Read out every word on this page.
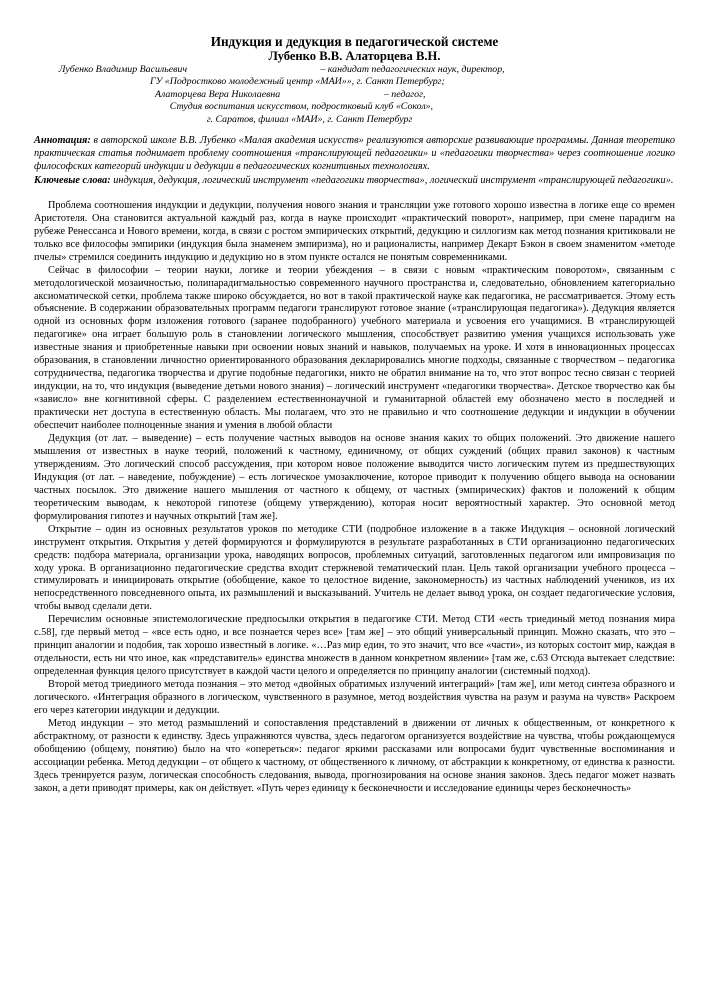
Индукция и дедукция в педагогической системе
Лубенко В.В. Алаторцева В.Н.
Лубенко Владимир Васильевич                                                      – кандидат педагогических наук, директор,
ГУ «Подростково молодежный центр «МАИ»», г. Санкт Петербург;
Алаторцева Вера Николаевна                                          – педагог,
Студия воспитания искусством, подростковый клуб «Сокол»,
г. Саратов, филиал «МАИ», г. Санкт Петербург
Аннотация: в авторской школе В.В. Лубенко «Малая академия искусств» реализуются авторские развивающие программы. Данная теоретико практическая статья поднимает проблему соотношения «транслирующей педагогики» и «педагогики творчества» через соотношение логико философских категорий индукции и дедукции в педагогических когнитивных технологиях.
Ключевые слова: индукция, дедукция, логический инструмент «педагогики творчества», логический инструмент «транслирующей педагогики».

Проблема соотношения индукции и дедукции, получения нового знания и трансляции уже готового хорошо известна в логике еще со времен Аристотеля. Она становится актуальной каждый раз, когда в науке происходит «практический поворот», например, при смене парадигм на рубеже Ренессанса и Нового времени, когда, в связи с ростом эмпирических открытий, дедукцию и силлогизм как метод познания критиковали не только все философы эмпирики (индукция была знаменем эмпиризма), но и рационалисты, например Декарт Бэкон в своем знаменитом «методе пчелы» стремился соединить индукцию и дедукцию но в этом пункте остался не понятым современниками.

Сейчас в философии – теории науки, логике и теории убеждения – в связи с новым «практическим поворотом», связанным с методологической мозаичностью, полипарадигмальностью современного научного пространства и, следовательно, обновлением категориально аксиоматической сетки, проблема также широко обсуждается, но вот в такой практической науке как педагогика, не рассматривается. Этому есть объяснение. В содержании образовательных программ педагоги транслируют готовое знание («транслирующая педагогика»). Дедукция является одной из основных форм изложения готового (заранее подобранного) учебного материала и усвоения его учащимися. В «транслирующей педагогике» она играет большую роль в становлении логического мышления, способствует развитию умения учащихся использовать уже известные знания и приобретенные навыки при освоении новых знаний и навыков, получаемых на уроке. И хотя в инновационных процессах образования, в становлении личностно ориентированного образования декларировались многие подходы, связанные с творчеством – педагогика сотрудничества, педагогика творчества и другие подобные педагогики, никто не обратил внимание на то, что этот вопрос тесно связан с теорией индукции, на то, что индукция (выведение детьми нового знания) – логический инструмент «педагогики творчества». Детское творчество как бы «завислo» вне когнитивной сферы. С разделением естественнонаучной и гуманитарной областей ему обозначено место в последней и практически нет доступа в естественную область. Мы полагаем, что это не правильно и что соотношение дедукции и индукции в обучении обеспечит наиболее полноценные знания и умения в любой области

Дедукция (от лат. – выведение) – есть получение частных выводов на основе знания каких то общих положений. Это движение нашего мышления от известных в науке теорий, положений к частному, единичному, от общих суждений (общих правил законов) к частным утверждениям. Это логический способ рассуждения, при котором новое положение выводится чисто логическим путем из предшествующих Индукция (от лат. – наведение, побуждение) – есть логическое умозаключение, которое приводит к получению общего вывода на основании частных посылок. Это движение нашего мышления от частного к общему, от частных (эмпирических) фактов и положений к общим теоретическим выводам, к некоторой гипотезе (общему утверждению), которая носит вероятностный характер. Это основной метод формулирования гипотез и научных открытий [там же].

Открытие – один из основных результатов уроков по методике СТИ (подробное изложение в а также Индукция – основной логический инструмент открытия. Открытия у детей формируются и формулируются в результате разработанных в СТИ организационно педагогических средств: подбора материала, организации урока, наводящих вопросов, проблемных ситуаций, заготовленных педагогом или импровизация по ходу урока. В организационно педагогические средства входит стержневой тематический план. Цель такой организации учебного процесса – стимулировать и инициировать открытие (обобщение, какое то целостное видение, закономерность) из частных наблюдений учеников, из их непосредственного повседневного опыта, их размышлений и высказываний. Учитель не делает вывод урока, он создает педагогические условия, чтобы вывод сделали дети.

Перечислим основные эпистемологические предпосылки открытия в педагогике СТИ. Метод СТИ «есть триединый метод познания мира с.58], где первый метод – «все есть одно, и все познается через все» [там же] – это общий универсальный принцип. Можно сказать, что это – принцип аналогии и подобия, так хорошо известный в логике. «…Раз мир един, то это значит, что все «части», из которых состоит мир, каждая в отдельности, есть ни что иное, как «представитель» единства множеств в данном конкретном явлении» [там же, с.63 Отсюда вытекает следствие: определенная функция целого присутствует в каждой части целого и определяется по принципу аналогии (системный подход).

Второй метод триединого метода познания – это метод «двойных обратимых излучений интеграций» [там же], или метод синтеза образного и логического. «Интеграция образного в логическом, чувственного в разумное, метод воздействия чувства на разум и разума на чувств» Раскроем его через категории индукции и дедукции.

Метод индукции – это метод размышлений и сопоставления представлений в движении от личных к общественным, от конкретного к абстрактному, от разности к единству. Здесь упражняются чувства, здесь педагогом организуется воздействие на чувства, чтобы рождающемуся обобщению (общему, понятию) было на что «опереться»: педагог яркими рассказами или вопросами будит чувственные воспоминания и ассоциации ребенка. Метод дедукции – от общего к частному, от общественного к личному, от абстракции к конкретному, от единства к разности. Здесь тренируется разум, логическая способность следования, вывода, прогнозирования на основе знания законов. Здесь педагог может назвать закон, а дети приводят примеры, как он действует. «Путь через единицу к бесконечности и исследование единицы через бесконечность»
